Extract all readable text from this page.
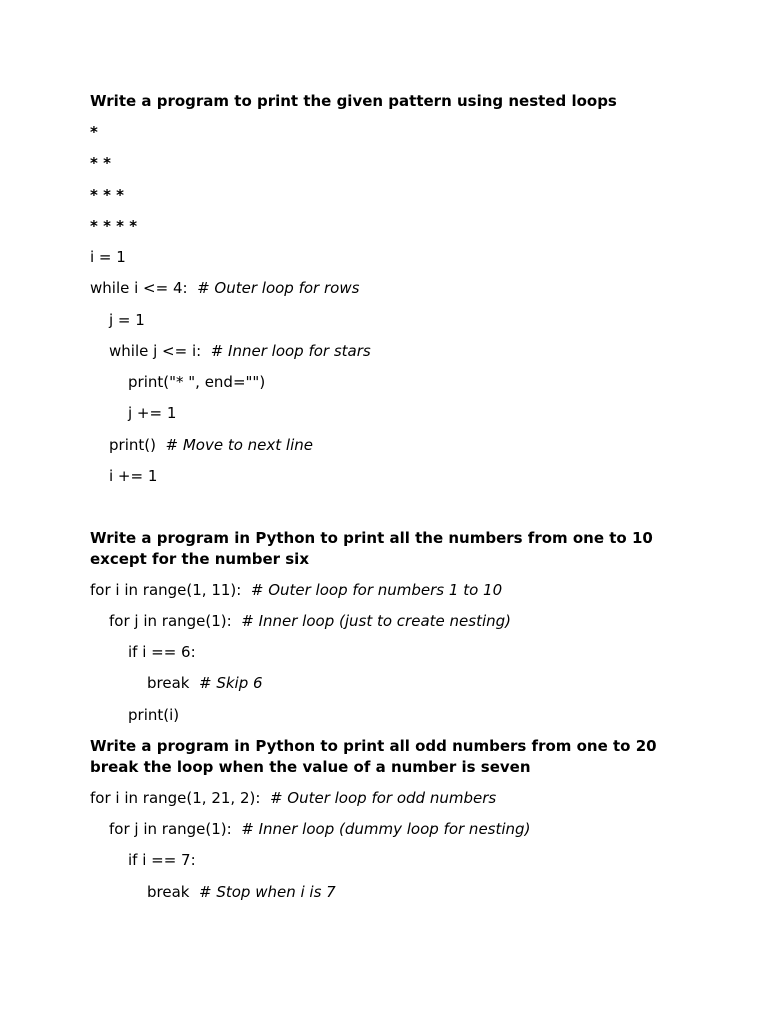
Write a program to print the given pattern using nested loops
*
* *
* * *
* * * *
i = 1
while i <= 4:  # Outer loop for rows
j = 1
while j <= i:  # Inner loop for stars
print("* ", end="")
j += 1
print()  # Move to next line
i += 1
Write a program in Python to print all the numbers from one to 10 except for the number six
for i in range(1, 11):  # Outer loop for numbers 1 to 10
for j in range(1):  # Inner loop (just to create nesting)
if i == 6:
break  # Skip 6
print(i)
Write a program in Python to print all odd numbers from one to 20 break the loop when the value of a number is seven
for i in range(1, 21, 2):  # Outer loop for odd numbers
for j in range(1):  # Inner loop (dummy loop for nesting)
if i == 7:
break  # Stop when i is 7
